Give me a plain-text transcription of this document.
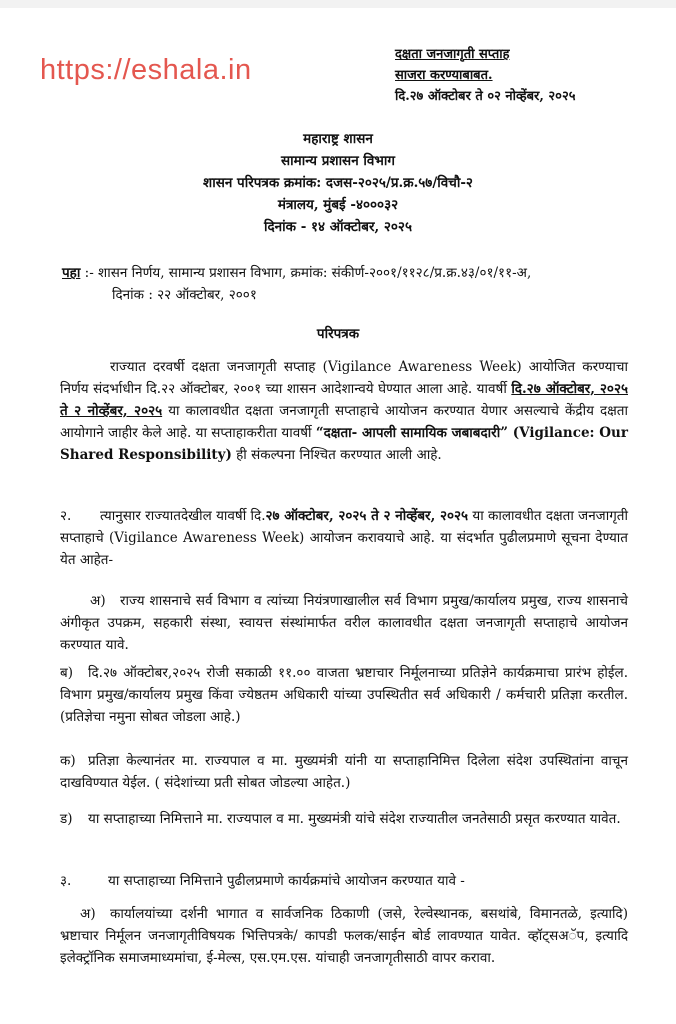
https://eshala.in	दक्षता जनजागृती सप्ताह
साजरा करण्याबाबत.
दि.२७ ऑक्टोबर ते ०२ नोव्हेंबर, २०२५
महाराष्ट्र शासन
सामान्य प्रशासन विभाग
शासन परिपत्रक क्रमांक: दजस-२०२५/प्र.क्र.५७/विचौ-२
मंत्रालय, मुंबई -४०००३२
दिनांक - १४ ऑक्टोबर, २०२५
पहा :- शासन निर्णय, सामान्य प्रशासन विभाग, क्रमांक: संकीर्ण-२००१/११२८/प्र.क्र.४३/०१/११-अ,
दिनांक : २२ ऑक्टोबर, २००१
परिपत्रक
राज्यात दरवर्षी दक्षता जनजागृती सप्ताह (Vigilance Awareness Week) आयोजित करण्याचा निर्णय संदर्भाधीन दि.२२ ऑक्टोबर, २००१ च्या शासन आदेशान्वये घेण्यात आला आहे. यावर्षी दि.२७ ऑक्टोबर, २०२५ ते २ नोव्हेंबर, २०२५ या कालावधीत दक्षता जनजागृती सप्ताहाचे आयोजन करण्यात येणार असल्याचे केंद्रीय दक्षता आयोगाने जाहीर केले आहे. या सप्ताहाकरीता यावर्षी “दक्षता- आपली सामायिक जबाबदारी” (Vigilance: Our Shared Responsibility) ही संकल्पना निश्चित करण्यात आली आहे.
२. त्यानुसार राज्यातदेखील यावर्षी दि.२७ ऑक्टोबर, २०२५ ते २ नोव्हेंबर, २०२५ या कालावधीत दक्षता जनजागृती सप्ताहाचे (Vigilance Awareness Week) आयोजन करावयाचे आहे. या संदर्भात पुढीलप्रमाणे सूचना देण्यात येत आहेत-
अ) राज्य शासनाचे सर्व विभाग व त्यांच्या नियंत्रणाखालील सर्व विभाग प्रमुख/कार्यालय प्रमुख, राज्य शासनाचे अंगीकृत उपक्रम, सहकारी संस्था, स्वायत्त संस्थांमार्फत वरील कालावधीत दक्षता जनजागृती सप्ताहाचे आयोजन करण्यात यावे.
ब) दि.२७ ऑक्टोबर,२०२५ रोजी सकाळी ११.०० वाजता भ्रष्टाचार निर्मूलनाच्या प्रतिज्ञेने कार्यक्रमाचा प्रारंभ होईल. विभाग प्रमुख/कार्यालय प्रमुख किंवा ज्येष्ठतम अधिकारी यांच्या उपस्थितीत सर्व अधिकारी / कर्मचारी प्रतिज्ञा करतील. (प्रतिज्ञेचा नमुना सोबत जोडला आहे.)
क) प्रतिज्ञा केल्यानंतर मा. राज्यपाल व मा. मुख्यमंत्री यांनी या सप्ताहानिमित्त दिलेला संदेश उपस्थितांना वाचून दाखविण्यात येईल. ( संदेशांच्या प्रती सोबत जोडल्या आहेत.)
ड) या सप्ताहाच्या निमित्ताने मा. राज्यपाल व मा. मुख्यमंत्री यांचे संदेश राज्यातील जनतेसाठी प्रसृत करण्यात यावेत.
३.	या सप्ताहाच्या निमित्ताने पुढीलप्रमाणे कार्यक्रमांचे आयोजन करण्यात यावे -
अ) कार्यालयांच्या दर्शनी भागात व सार्वजनिक ठिकाणी (जसे, रेल्वेस्थानक, बसथांबे, विमानतळे, इत्यादि) भ्रष्टाचार निर्मूलन जनजागृतीविषयक भित्तिपत्रके/ कापडी फलक/साईन बोर्ड लावण्यात यावेत. व्हॉट्सअॅप, इत्यादि इलेक्ट्रॉनिक समाजमाध्यमांचा, ई-मेल्स, एस.एम.एस. यांचाही जनजागृतीसाठी वापर करावा.
